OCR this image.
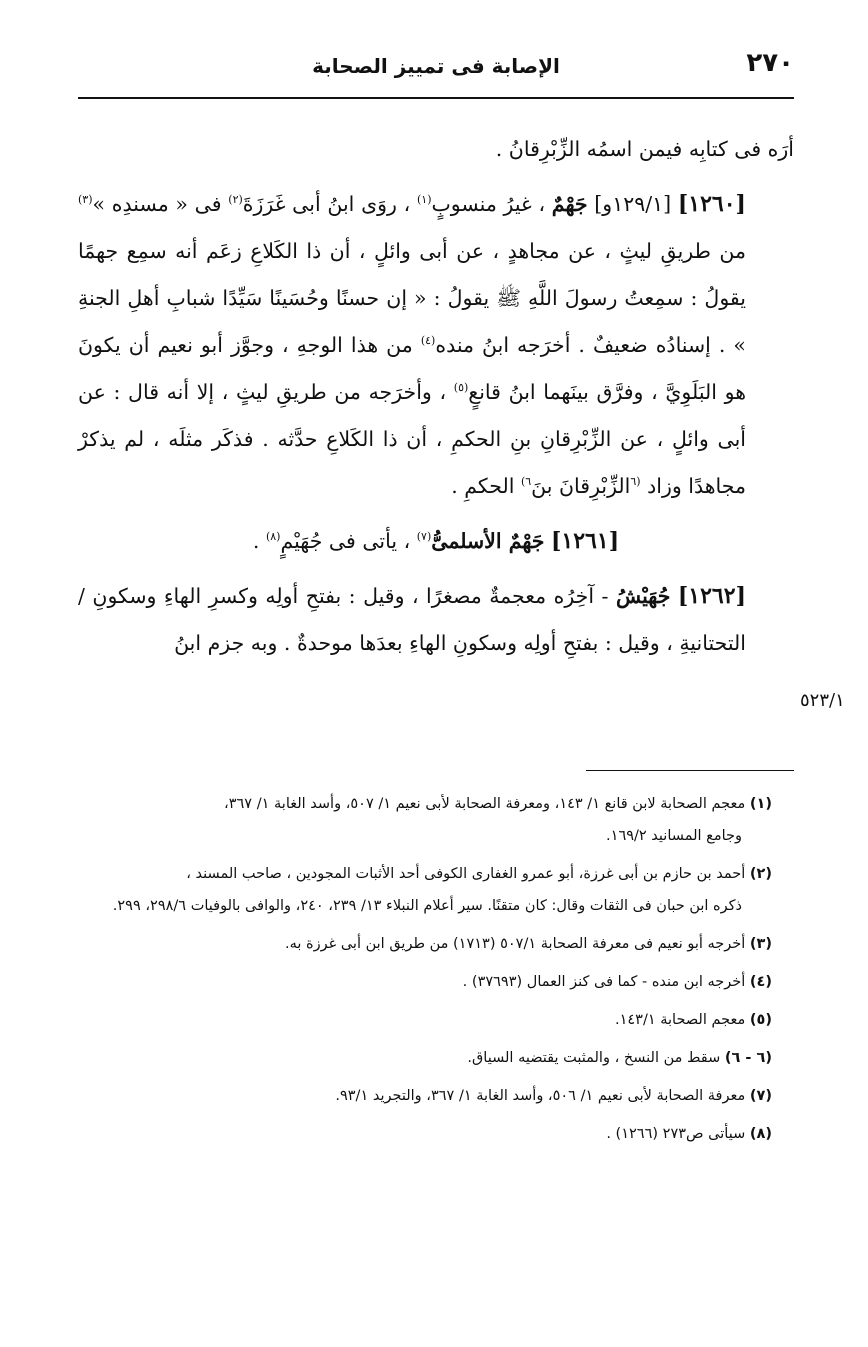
٢٧٠
الإصابة فى تمييز الصحابة

أرَه فى كتابِه فيمن اسمُه الزِّبْرِقانُ .

[١٢٦٠] [١٢٩/١و] جَهْمٌ ، غيرُ منسوبٍ$^{(١)}$ ، روَى ابنُ أبى غَرَزَةَ$^{(٢)}$ فى « مسندِه »$^{(٣)}$ من طريقِ ليثٍ ، عن مجاهدٍ ، عن أبى وائلٍ ، أن ذا الكَلاعِ زعَم أنه سمِع جهمًا يقولُ : سمِعتُ رسولَ اللَّهِ ﷺ يقولُ : « إن حسنًا وحُسَينًا سَيِّدًا شبابِ أهلِ الجنةِ » . إسنادُه ضعيفٌ . أخرَجه ابنُ منده$^{(٤)}$ من هذا الوجهِ ، وجوَّز أبو نعيم أن يكونَ هو البَلَوِيَّ ، وفرَّق بينَهما ابنُ قانعٍ$^{(٥)}$ ، وأخرَجه من طريقِ ليثٍ ، إلا أنه قال : عن أبى وائلٍ ، عن الزِّبْرِقانِ بنِ الحكمِ ، أن ذا الكَلاعِ حدَّثه . فذكَر مثلَه ، لم يذكرْ مجاهدًا وزاد $^{(٦}$الزِّبْرِقانَ بنَ$^{٦)}$ الحكمِ .

[١٢٦١] جَهْمٌ الأسلمىُّ$^{(٧)}$ ، يأتى فى جُهَيْمٍ$^{(٨)}$ .

[١٢٦٢] جُهَيْشُ - آخِرُه معجمةٌ مصغرًا ، وقيل : بفتحِ أولِه وكسرِ الهاءِ وسكونِ / التحتانيةِ ، وقيل : بفتحِ أولِه وسكونِ الهاءِ بعدَها موحدةٌ . وبه جزم ابنُ

٥٢٣/١

(١) معجم الصحابة لابن قانع ١/ ١٤٣، ومعرفة الصحابة لأبى نعيم ١/ ٥٠٧، وأسد الغابة ١/ ٣٦٧،
وجامع المسانيد ١٦٩/٢.

(٢) أحمد بن حازم بن أبى غرزة، أبو عمرو الغفارى الكوفى أحد الأثبات المجودين ، صاحب المسند ،
ذكره ابن حبان فى الثقات وقال: كان متقنًا. سير أعلام النبلاء ١٣/ ٢٣٩، ٢٤٠، والوافى بالوفيات ٢٩٨/٦، ٢٩٩.

(٣) أخرجه أبو نعيم فى معرفة الصحابة ٥٠٧/١ (١٧١٣) من طريق ابن أبى غرزة به.

(٤) أخرجه ابن منده - كما فى كنز العمال (٣٧٦٩٣) .

(٥) معجم الصحابة ١٤٣/١.

(٦ - ٦) سقط من النسخ ، والمثبت يقتضيه السياق.

(٧) معرفة الصحابة لأبى نعيم ١/ ٥٠٦، وأسد الغابة ١/ ٣٦٧، والتجريد ٩٣/١.

(٨) سيأتى ص٢٧٣ (١٢٦٦) .
